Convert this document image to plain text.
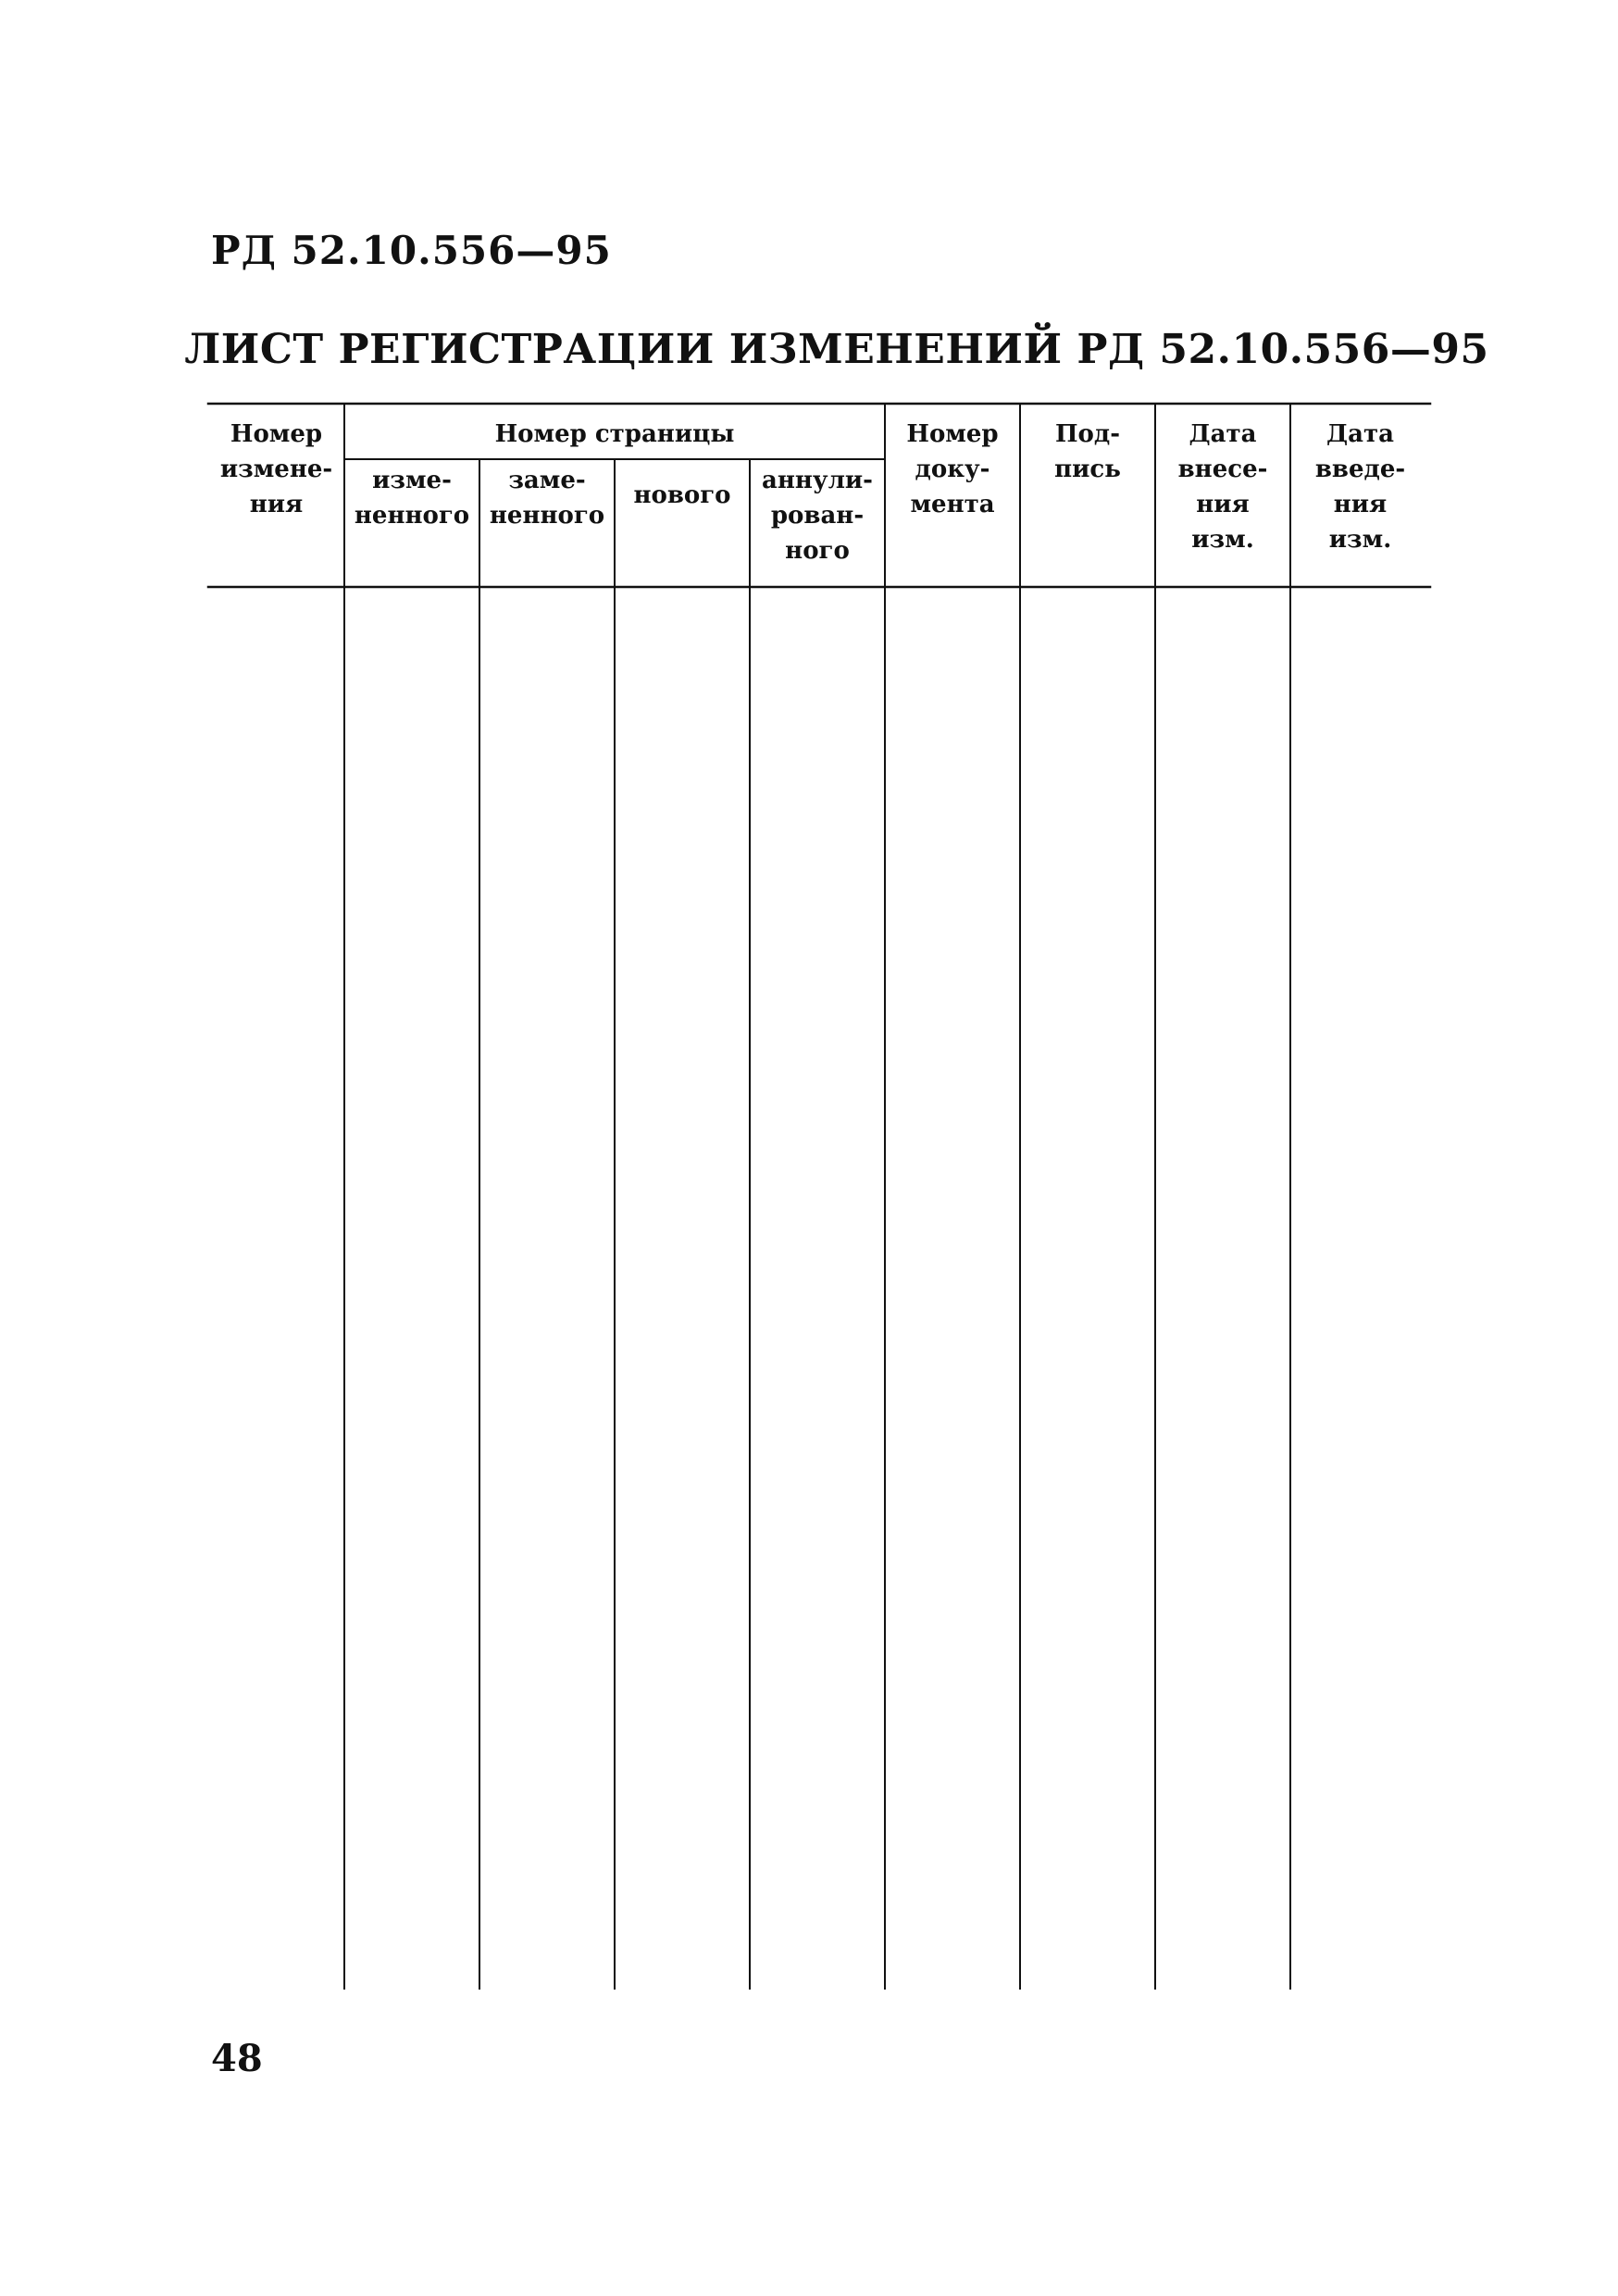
РД 52.10.556—95
ЛИСТ РЕГИСТРАЦИИ ИЗМЕНЕНИЙ РД 52.10.556—95
Номер
изменe-
ния
Номер страницы
изме-
ненного
заме-
ненного
нового
аннули-
рован-
ного
Номер
доку-
мента
Под-
пись
Дата
внесе-
ния
изм.
Дата
введе-
ния
изм.
48
